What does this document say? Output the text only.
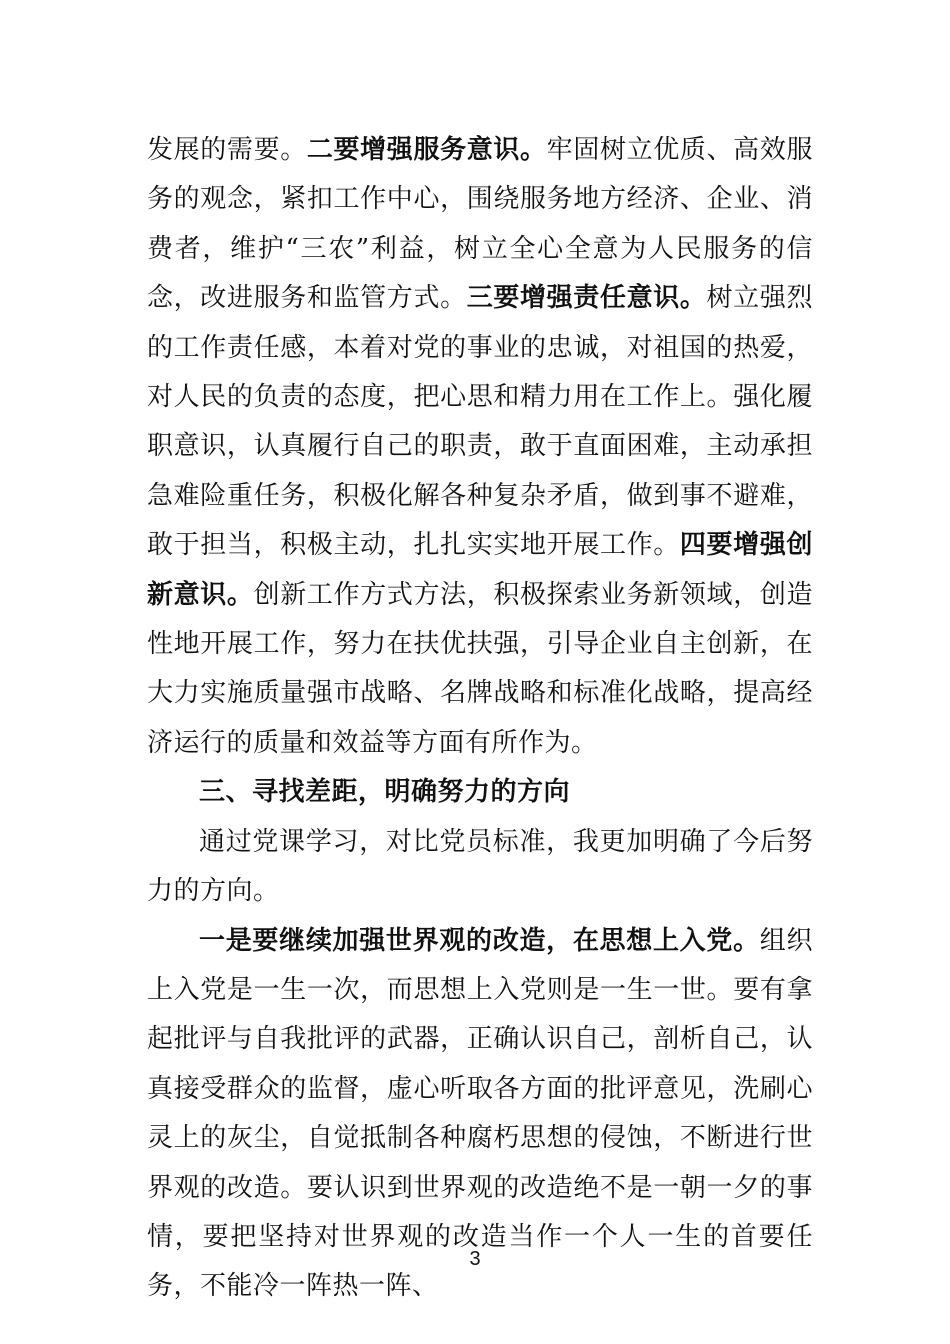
发展的需要。二要增强服务意识。牢固树立优质、高效服务的观念，紧扣工作中心，围绕服务地方经济、企业、消费者，维护“三农”利益，树立全心全意为人民服务的信念，改进服务和监管方式。三要增强责任意识。树立强烈的工作责任感，本着对党的事业的忠诚，对祖国的热爱，对人民的负责的态度，把心思和精力用在工作上。强化履职意识，认真履行自己的职责，敢于直面困难，主动承担急难险重任务，积极化解各种复杂矛盾，做到事不避难，敢于担当，积极主动，扎扎实实地开展工作。四要增强创新意识。创新工作方式方法，积极探索业务新领域，创造性地开展工作，努力在扶优扶强，引导企业自主创新，在大力实施质量强市战略、名牌战略和标准化战略，提高经济运行的质量和效益等方面有所作为。

三、寻找差距，明确努力的方向

通过党课学习，对比党员标准，我更加明确了今后努力的方向。

一是要继续加强世界观的改造，在思想上入党。组织上入党是一生一次，而思想上入党则是一生一世。要有拿起批评与自我批评的武器，正确认识自己，剖析自己，认真接受群众的监督，虚心听取各方面的批评意见，洗刷心灵上的灰尘，自觉抵制各种腐朽思想的侵蚀，不断进行世界观的改造。要认识到世界观的改造绝不是一朝一夕的事情，要把坚持对世界观的改造当作一个人一生的首要任务，不能冷一阵热一阵、

3
